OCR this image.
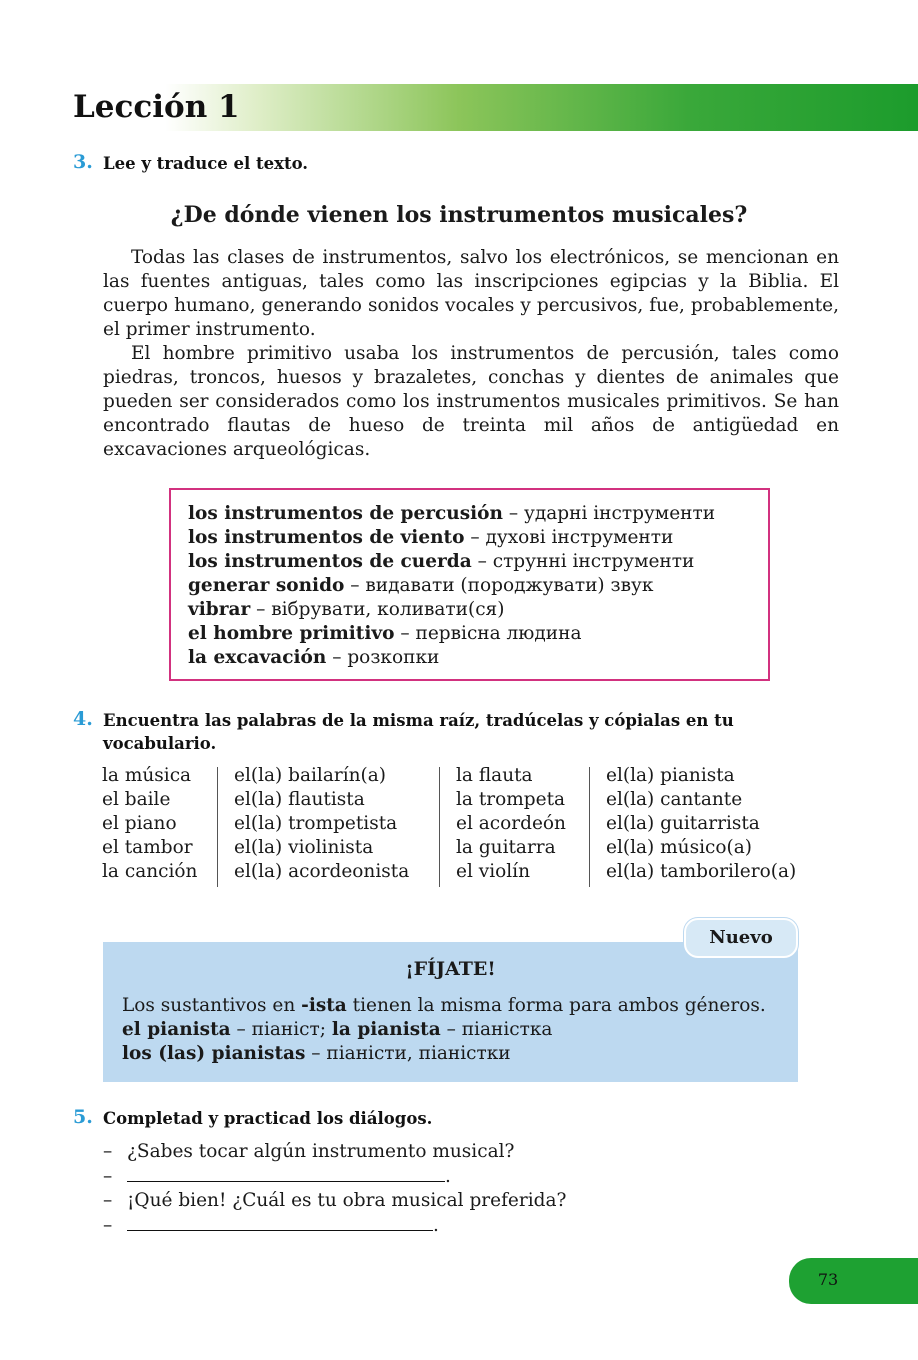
Lección 1
3. Lee y traduce el texto.
¿De dónde vienen los instrumentos musicales?

Todas las clases de instrumentos, salvo los electrónicos, se mencionan en las fuentes antiguas, tales como las inscripciones egipcias y la Biblia. El cuerpo humano, generando sonidos vocales y percusivos, fue, probablemente, el primer instrumento.

El hombre primitivo usaba los instrumentos de percusión, tales como piedras, troncos, huesos y brazaletes, conchas y dientes de animales que pueden ser considerados como los instrumentos musicales primitivos. Se han encontrado flautas de hueso de treinta mil años de antigüedad en excavaciones arqueológicas.

los instrumentos de percusión – ударні інструменти
los instrumentos de viento – духові інструменти
los instrumentos de cuerda – струнні інструменти
generar sonido – видавати (породжувати) звук
vibrar – вібрувати, коливати(ся)
el hombre primitivo – первісна людина
la excavación – розкопки
4. Encuentra las palabras de la misma raíz, tradúcelas y cópialas en tu vocabulario.
la música
el baile
el piano
el tambor
la canción
el(la) bailarín(a)
el(la) flautista
el(la) trompetista
el(la) violinista
el(la) acordeonista
la flauta
la trompeta
el acordeón
la guitarra
el violín
el(la) pianista
el(la) cantante
el(la) guitarrista
el(la) músico(a)
el(la) tamborilero(a)
Nuevo
¡FÍJATE!
Los sustantivos en -ista tienen la misma forma para ambos géneros.
el pianista – піаніст; la pianista – піаністка
los (las) pianistas – піаністи, піаністки
5. Completad y practicad los diálogos.
– ¿Sabes tocar algún instrumento musical?
–	.
– ¡Qué bien! ¿Cuál es tu obra musical preferida?
–	.
73
